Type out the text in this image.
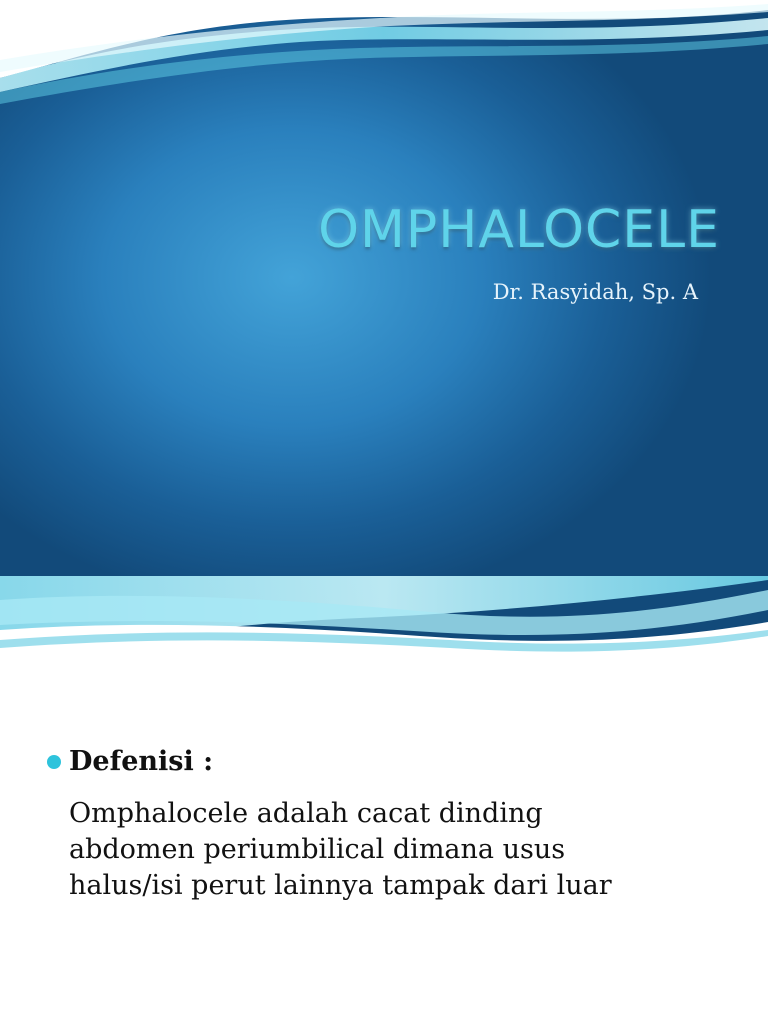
OMPHALOCELE
Dr. Rasyidah, Sp. A
Defenisi :
Omphalocele adalah cacat dinding
abdomen periumbilical dimana usus
halus/isi perut lainnya tampak dari luar
